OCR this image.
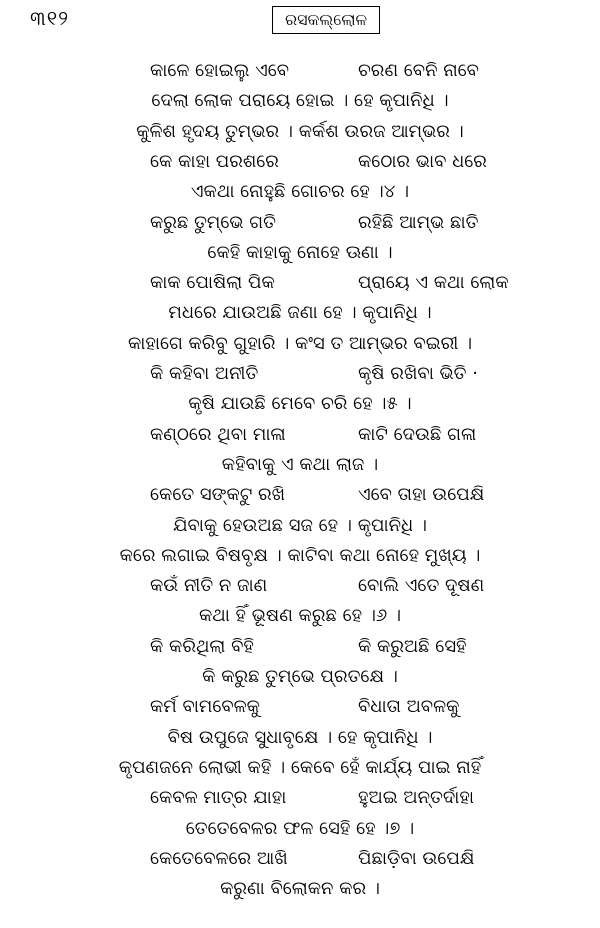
୩୧୨	ରସକଲ୍ଲୋଳ
କାଳେ ହୋଇଲୁ ଏବେ	ଚରଣ ବେନି ନାବେ
ଦେଲା ଲୋକ ପରାୟେ ହୋଇ । ହେ କୃପାନିଧି ।
କୁଳିଶ ହୃଦୟ ତୁମ୍ଭର । କର୍କଶ ଉରଜ ଆମ୍ଭର ।
କେ କାହା ପରଶରେ	କଠୋର ଭାବ ଧରେ
ଏକଥା ନୋହୁଛି ଗୋଚର ହେ ।୪ ।
କରୁଛ ତୁମ୍ଭେ ଗତି	ରହିଛି ଆମ୍ଭ ଛାତି
କେହି କାହାକୁ ନୋହେ ଊଣା ।
କାକ ପୋଷିଲା ପିକ	ପ୍ରାୟେ ଏ କଥା ଲୋକ
ମଧରେ ଯାଉଅଛି ଜଣା ହେ । କୃପାନିଧି ।
କାହାଗେ କରିବୁ ଗୁହାରି । କଂସ ତ ଆମ୍ଭର ବଇରୀ ।
କି କହିବା ଅନୀତି	କୃଷି ରଖିବା ଭିତି ·
କୃଷି ଯାଉଛି ମେବେ ଚରି ହେ ।୫ ।
କଣ୍ଠରେ ଥିବା ମାଳା	କାଟି ଦେଉଛି ଗଳା
କହିବାକୁ ଏ କଥା ଲାଜ ।
କେତେ ସଙ୍କଟୁ ରଖି	ଏବେ ତାହା ଉପେକ୍ଷି
ଯିବାକୁ ହେଉଅଛ ସଜ ହେ । କୃପାନିଧି ।
କରେ ଲଗାଇ ବିଷବୃକ୍ଷ । କାଟିବା କଥା ନୋହେ ମୁଖ୍ୟ ।
କଉଁ ନୀତି ନ ଜାଣ	ବୋଲି ଏତେ ଦୂଷଣ
କଥା ହିଁ ଭୂଷଣ କରୁଛ ହେ ।୬ ।
କି କରିଥିଲା ବିହି	କି କରୁଅଛି ସେହି
କି କରୁଛ ତୁମ୍ଭେ ପ୍ରତକ୍ଷେ ।
କର୍ମ ବାମବେଳକୁ	ବିଧାତା ଅବଳକୁ
ବିଷ ଉପୁଜେ ସୁଧାବୃକ୍ଷେ । ହେ କୃପାନିଧି ।
କୃପଣଜନେ ଲୋଭୀ କହି । କେବେ ହେଁ କାର୍ଯ୍ୟ ପାଇ ନାହିଁ
କେବଳ ମାତ୍ର ଯାହା	ହୁଅଇ ଅନ୍ତର୍ଦାହା
ତେତେବେଳର ଫଳ ସେହି ହେ ।୭ ।
କେତେବେଳରେ ଆଖି	ପିଛାଡ଼ିବା ଉପେକ୍ଷି
କରୁଣା ବିଲୋକନ କର ।
